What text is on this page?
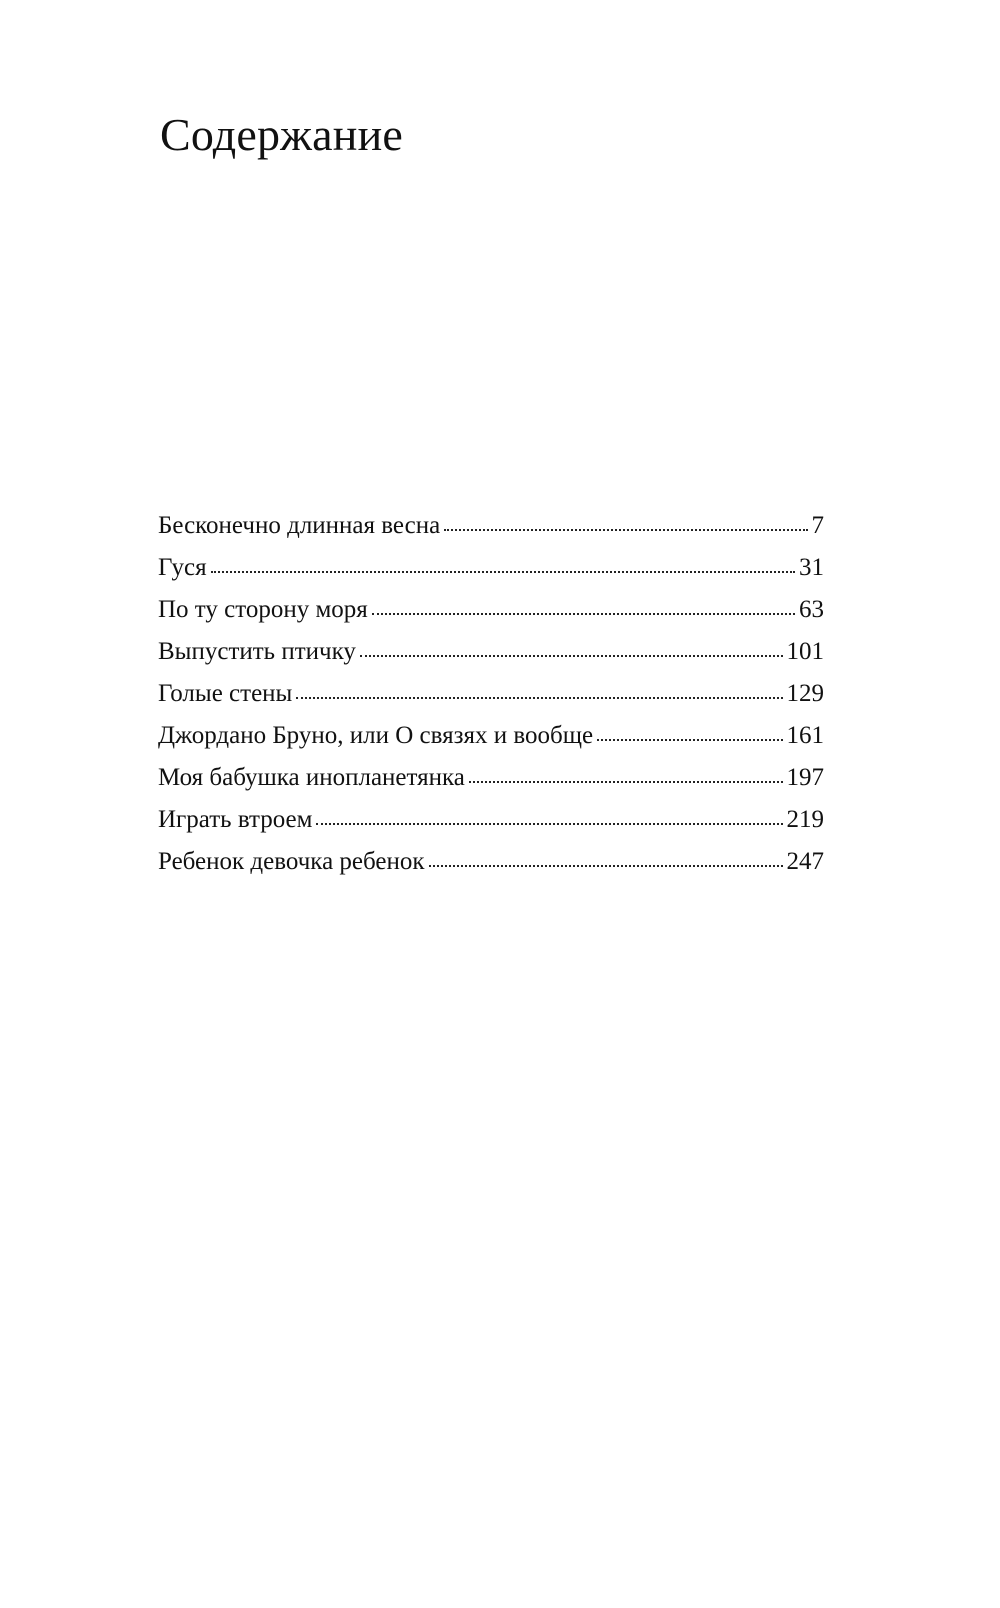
Содержание
Бесконечно длинная весна	7
Гуся	31
По ту сторону моря	63
Выпустить птичку	101
Голые стены	129
Джордано Бруно, или О связях и вообще	161
Моя бабушка инопланетянка	197
Играть втроем	219
Ребенок девочка ребенок	247
